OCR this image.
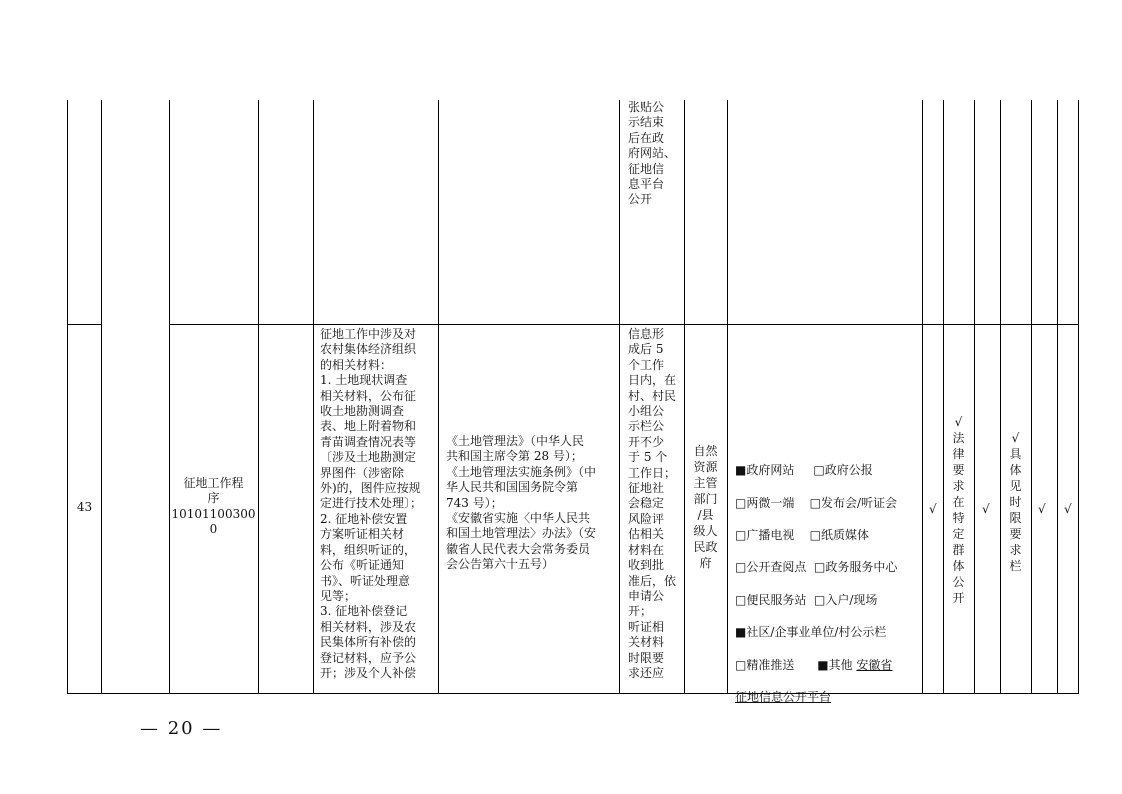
张贴公
示结束
后在政
府网站、
征地信
息平台
公开
43
征地工作程
序
10101100300
0
征地工作中涉及对
农村集体经济组织
的相关材料：
1. 土地现状调查
相关材料，公布征
收土地勘测调查
表、地上附着物和
青苗调查情况表等
〔涉及土地勘测定
界图件（涉密除
外)的，图件应按规
定进行技术处理〕；
2. 征地补偿安置
方案听证相关材
料，组织听证的，
公布《听证通知
书》、听证处理意
见等；
3. 征地补偿登记
相关材料，涉及农
民集体所有补偿的
登记材料，应予公
开；涉及个人补偿
《土地管理法》（中华人民
共和国主席令第 28 号）；
《土地管理法实施条例》（中
华人民共和国国务院令第
743 号）；
《安徽省实施〈中华人民共
和国土地管理法〉办法》（安
徽省人民代表大会常务委员
会公告第六十五号）
信息形
成后 5
个工作
日内，在
村、村民
小组公
示栏公
开不少
于 5 个
工作日；
征地社
会稳定
风险评
估相关
材料在
收到批
准后，依
申请公
开；
听证相
关材料
时限要
求还应
自然
资源
主管
部门
/县
级人
民政
府

■政府网站 □政府公报

□两微一端 □发布会/听证会

□广播电视 □纸质媒体

□公开查阅点 □政务服务中心

□便民服务站 □入户/现场

■社区/企事业单位/村公示栏

□精准推送 ■其他 安徽省

征地信息公开平台

√
√
法
律
要
求
在
特
定
群
体
公
开
√
√
具
体
见
时
限
要
求
栏
√ √
— 20 —
